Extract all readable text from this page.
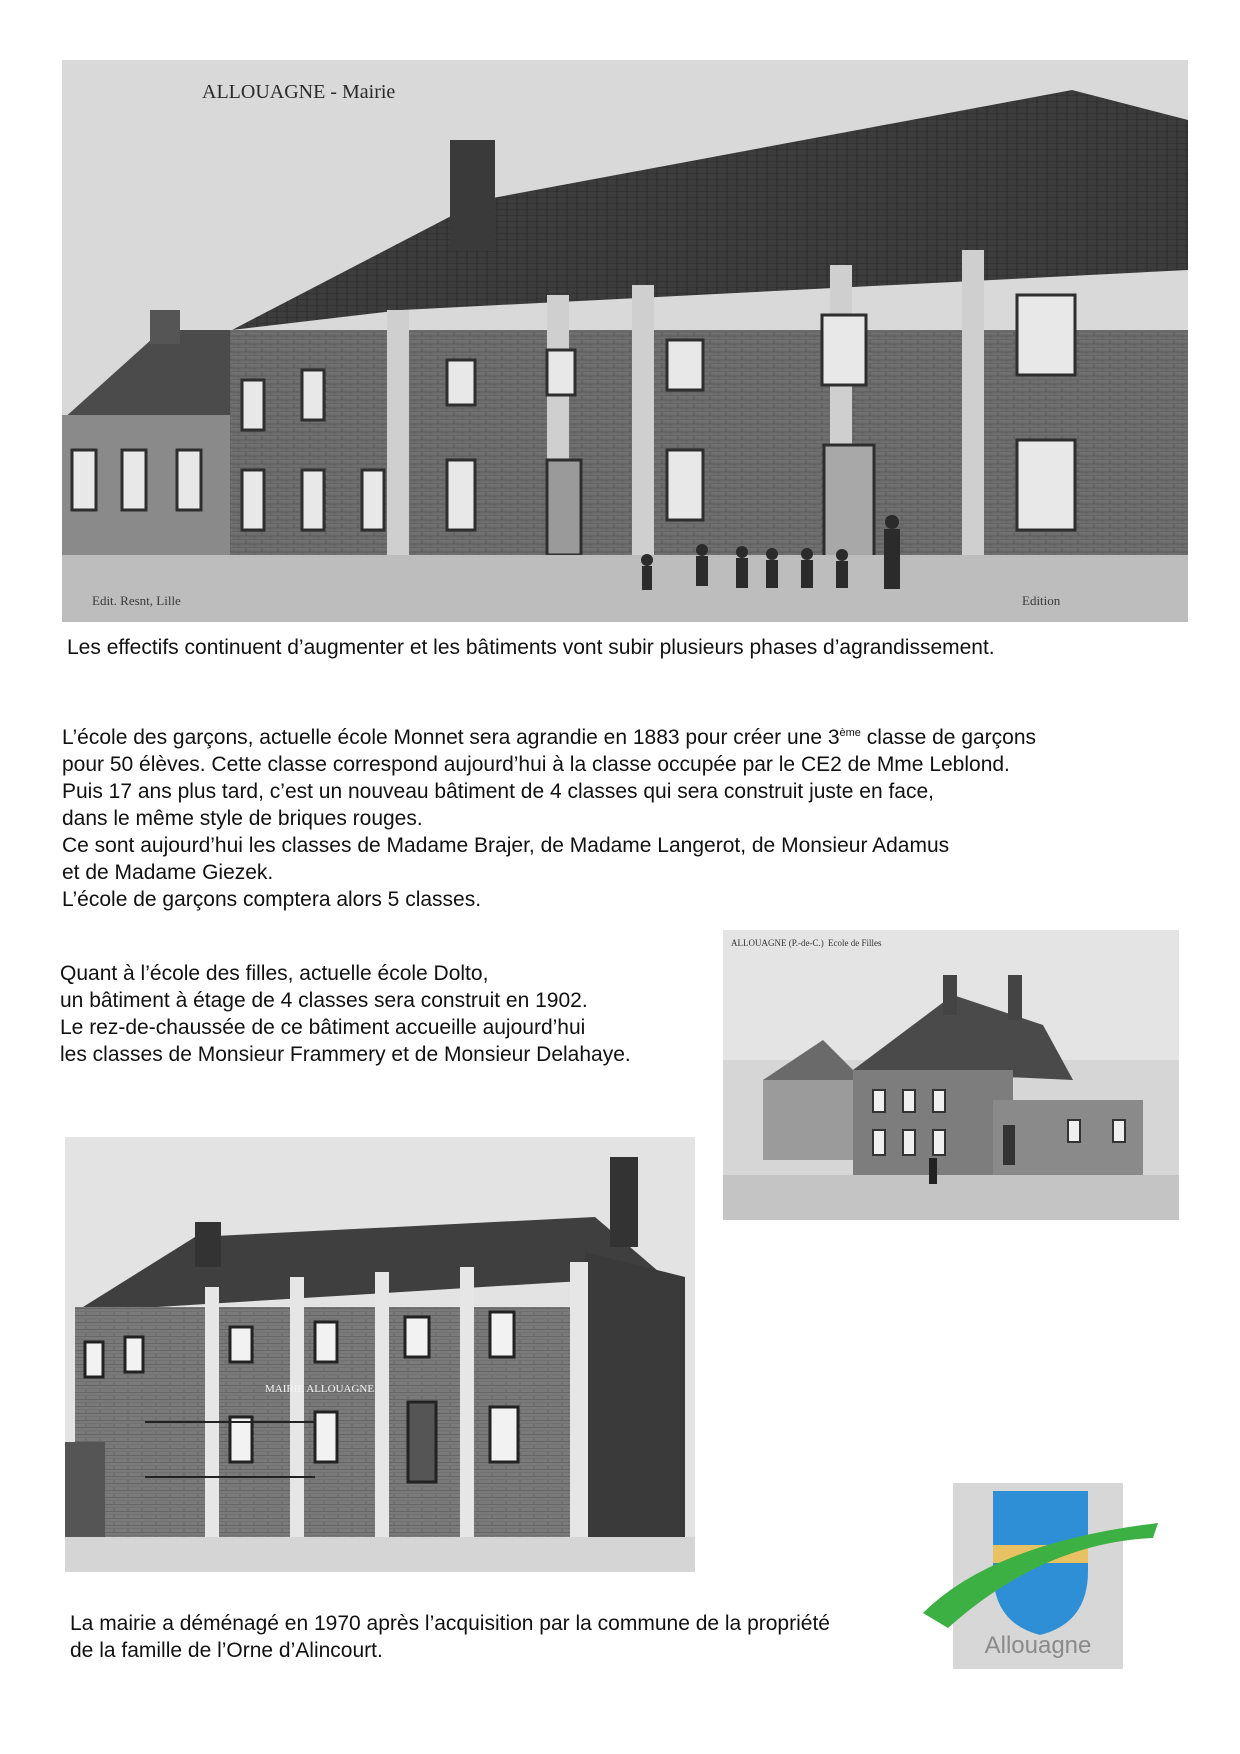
ALLOUAGNE - Mairie
Edit. Resnt, Lille	Edition
Les effectifs continuent d’augmenter et les bâtiments vont subir plusieurs phases d’agrandissement.
L’école des garçons, actuelle école Monnet sera agrandie en 1883 pour créer une 3ème classe de garçons
pour 50 élèves. Cette classe correspond aujourd’hui à la classe occupée par le CE2 de Mme Leblond.
Puis 17 ans plus tard, c’est un nouveau bâtiment de 4 classes qui sera construit juste en face,
dans le même style de briques rouges.
Ce sont aujourd’hui les classes de Madame Brajer, de Madame Langerot, de Monsieur Adamus
et de Madame Giezek.
L’école de garçons comptera alors 5 classes.
ALLOUAGNE (P.-de-C.) Ecole de Filles
Quant à l’école des filles, actuelle école Dolto,
un bâtiment à étage de 4 classes sera construit en 1902.
Le rez-de-chaussée de ce bâtiment accueille aujourd’hui
les classes de Monsieur Frammery et de Monsieur Delahaye.
MAIRIE ALLOUAGNE
La mairie a déménagé en 1970 après l’acquisition par la commune de la propriété
de la famille de l’Orne d’Alincourt.	Allouagne
